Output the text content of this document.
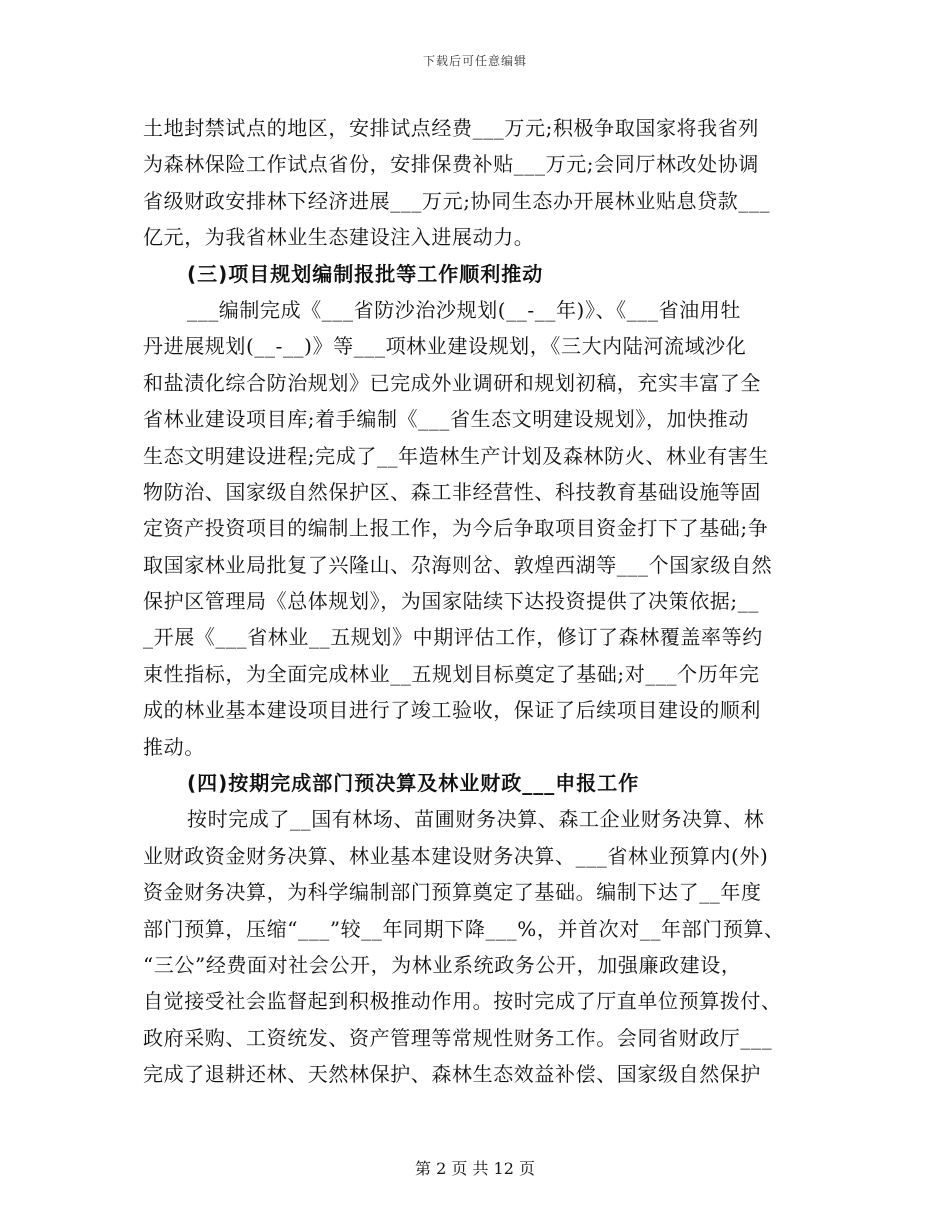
下载后可任意编辑
土地封禁试点的地区，安排试点经费___万元;积极争取国家将我省列
为森林保险工作试点省份，安排保费补贴___万元;会同厅林改处协调
省级财政安排林下经济进展___万元;协同生态办开展林业贴息贷款___
亿元，为我省林业生态建设注入进展动力。
(三)项目规划编制报批等工作顺利推动
___编制完成《___省防沙治沙规划(__-__年)》、《___省油用牡
丹进展规划(__-__)》等___项林业建设规划，《三大内陆河流域沙化
和盐渍化综合防治规划》已完成外业调研和规划初稿，充实丰富了全
省林业建设项目库;着手编制《___省生态文明建设规划》，加快推动
生态文明建设进程;完成了__年造林生产计划及森林防火、林业有害生
物防治、国家级自然保护区、森工非经营性、科技教育基础设施等固
定资产投资项目的编制上报工作，为今后争取项目资金打下了基础;争
取国家林业局批复了兴隆山、尕海则岔、敦煌西湖等___个国家级自然
保护区管理局《总体规划》，为国家陆续下达投资提供了决策依据;__
_开展《___省林业__五规划》中期评估工作，修订了森林覆盖率等约
束性指标，为全面完成林业__五规划目标奠定了基础;对___个历年完
成的林业基本建设项目进行了竣工验收，保证了后续项目建设的顺利
推动。
(四)按期完成部门预决算及林业财政___申报工作
按时完成了__国有林场、苗圃财务决算、森工企业财务决算、林
业财政资金财务决算、林业基本建设财务决算、___省林业预算内(外)
资金财务决算，为科学编制部门预算奠定了基础。编制下达了__年度
部门预算，压缩“___”较__年同期下降___%，并首次对__年部门预算、
“三公”经费面对社会公开，为林业系统政务公开，加强廉政建设，
自觉接受社会监督起到积极推动作用。按时完成了厅直单位预算拨付、
政府采购、工资统发、资产管理等常规性财务工作。会同省财政厅___
完成了退耕还林、天然林保护、森林生态效益补偿、国家级自然保护
第 2 页 共 12 页
